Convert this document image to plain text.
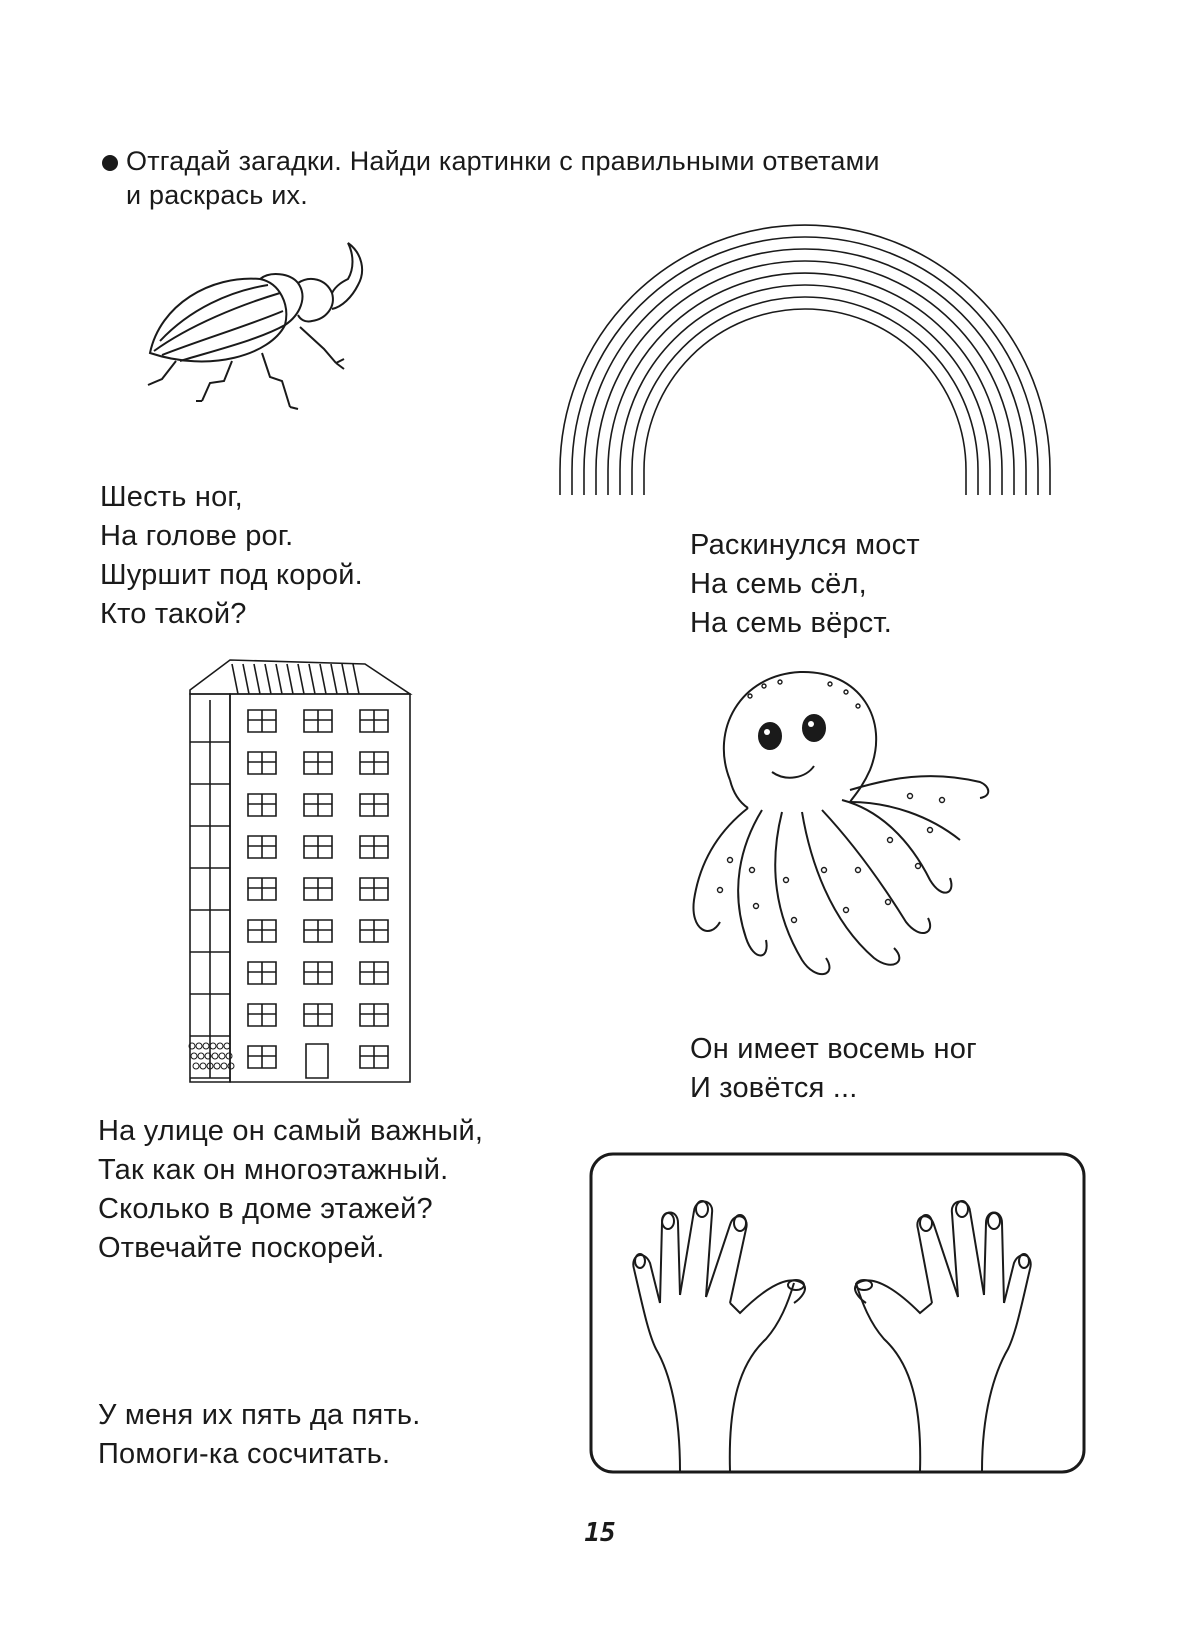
Отгадай загадки. Найди картинки с правильными ответами
и раскрась их.
Шесть ног,
На голове рог.
Шуршит под корой.
Кто такой?
Раскинулся мост
На семь сёл,
На семь вёрст.
Он имеет восемь ног
И зовётся ...
На улице он самый важный,
Так как он многоэтажный.
Сколько в доме этажей?
Отвечайте поскорей.
У меня их пять да пять.
Помоги-ка сосчитать.
15
